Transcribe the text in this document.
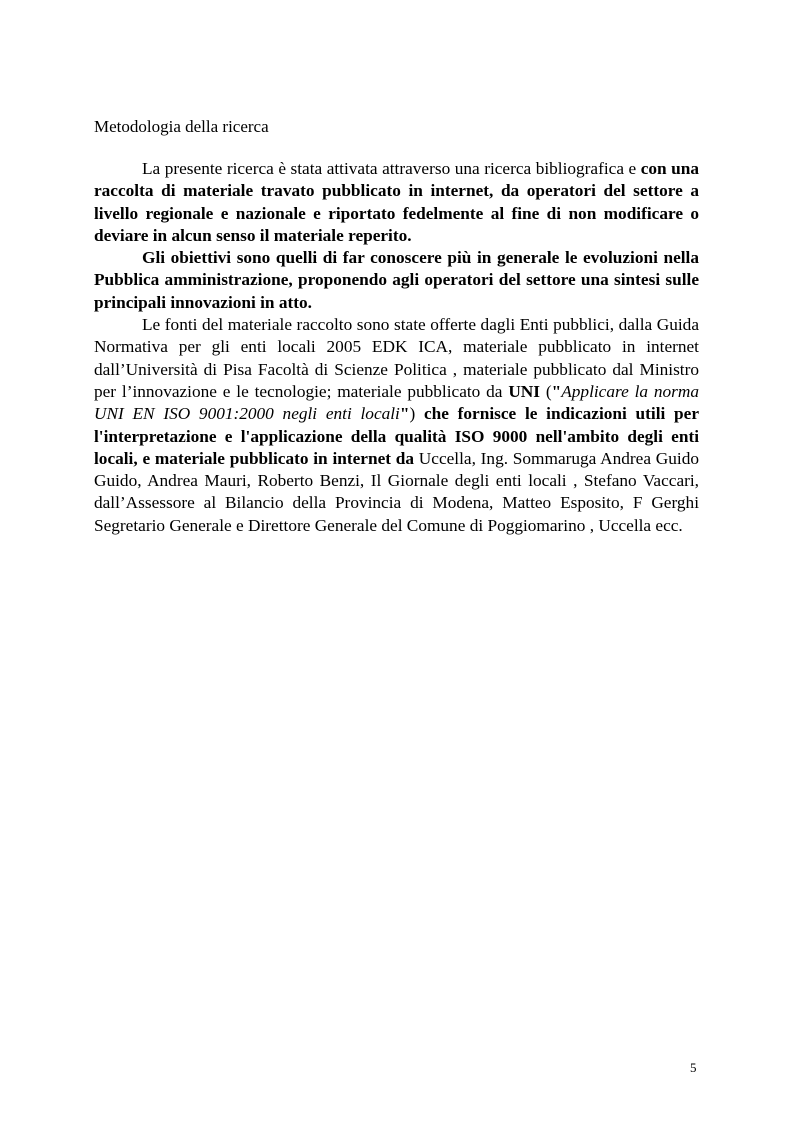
Metodologia della ricerca

La presente ricerca è stata attivata attraverso una ricerca bibliografica e con una raccolta di materiale travato pubblicato in internet, da operatori del settore a livello regionale e nazionale e riportato fedelmente al fine di non modificare o deviare in alcun senso il materiale reperito.

Gli obiettivi sono quelli di far conoscere più in generale le evoluzioni nella Pubblica amministrazione, proponendo agli operatori del settore una sintesi sulle principali innovazioni in atto.

Le fonti del materiale raccolto sono state offerte dagli Enti pubblici, dalla Guida Normativa per gli enti locali 2005 EDK ICA, materiale pubblicato in internet dall’Università di Pisa Facoltà di Scienze Politica , materiale pubblicato dal Ministro per l’innovazione e le tecnologie; materiale pubblicato da UNI ("Applicare la norma UNI EN ISO 9001:2000 negli enti locali") che fornisce le indicazioni utili per l'interpretazione e l'applicazione della qualità ISO 9000 nell'ambito degli enti locali, e materiale pubblicato in internet da Uccella, Ing. Sommaruga Andrea Guido Guido, Andrea Mauri, Roberto Benzi, Il Giornale degli enti locali , Stefano Vaccari, dall’Assessore al Bilancio della Provincia di Modena, Matteo Esposito, F Gerghi Segretario Generale e Direttore Generale del Comune di Poggiomarino , Uccella ecc.

5
